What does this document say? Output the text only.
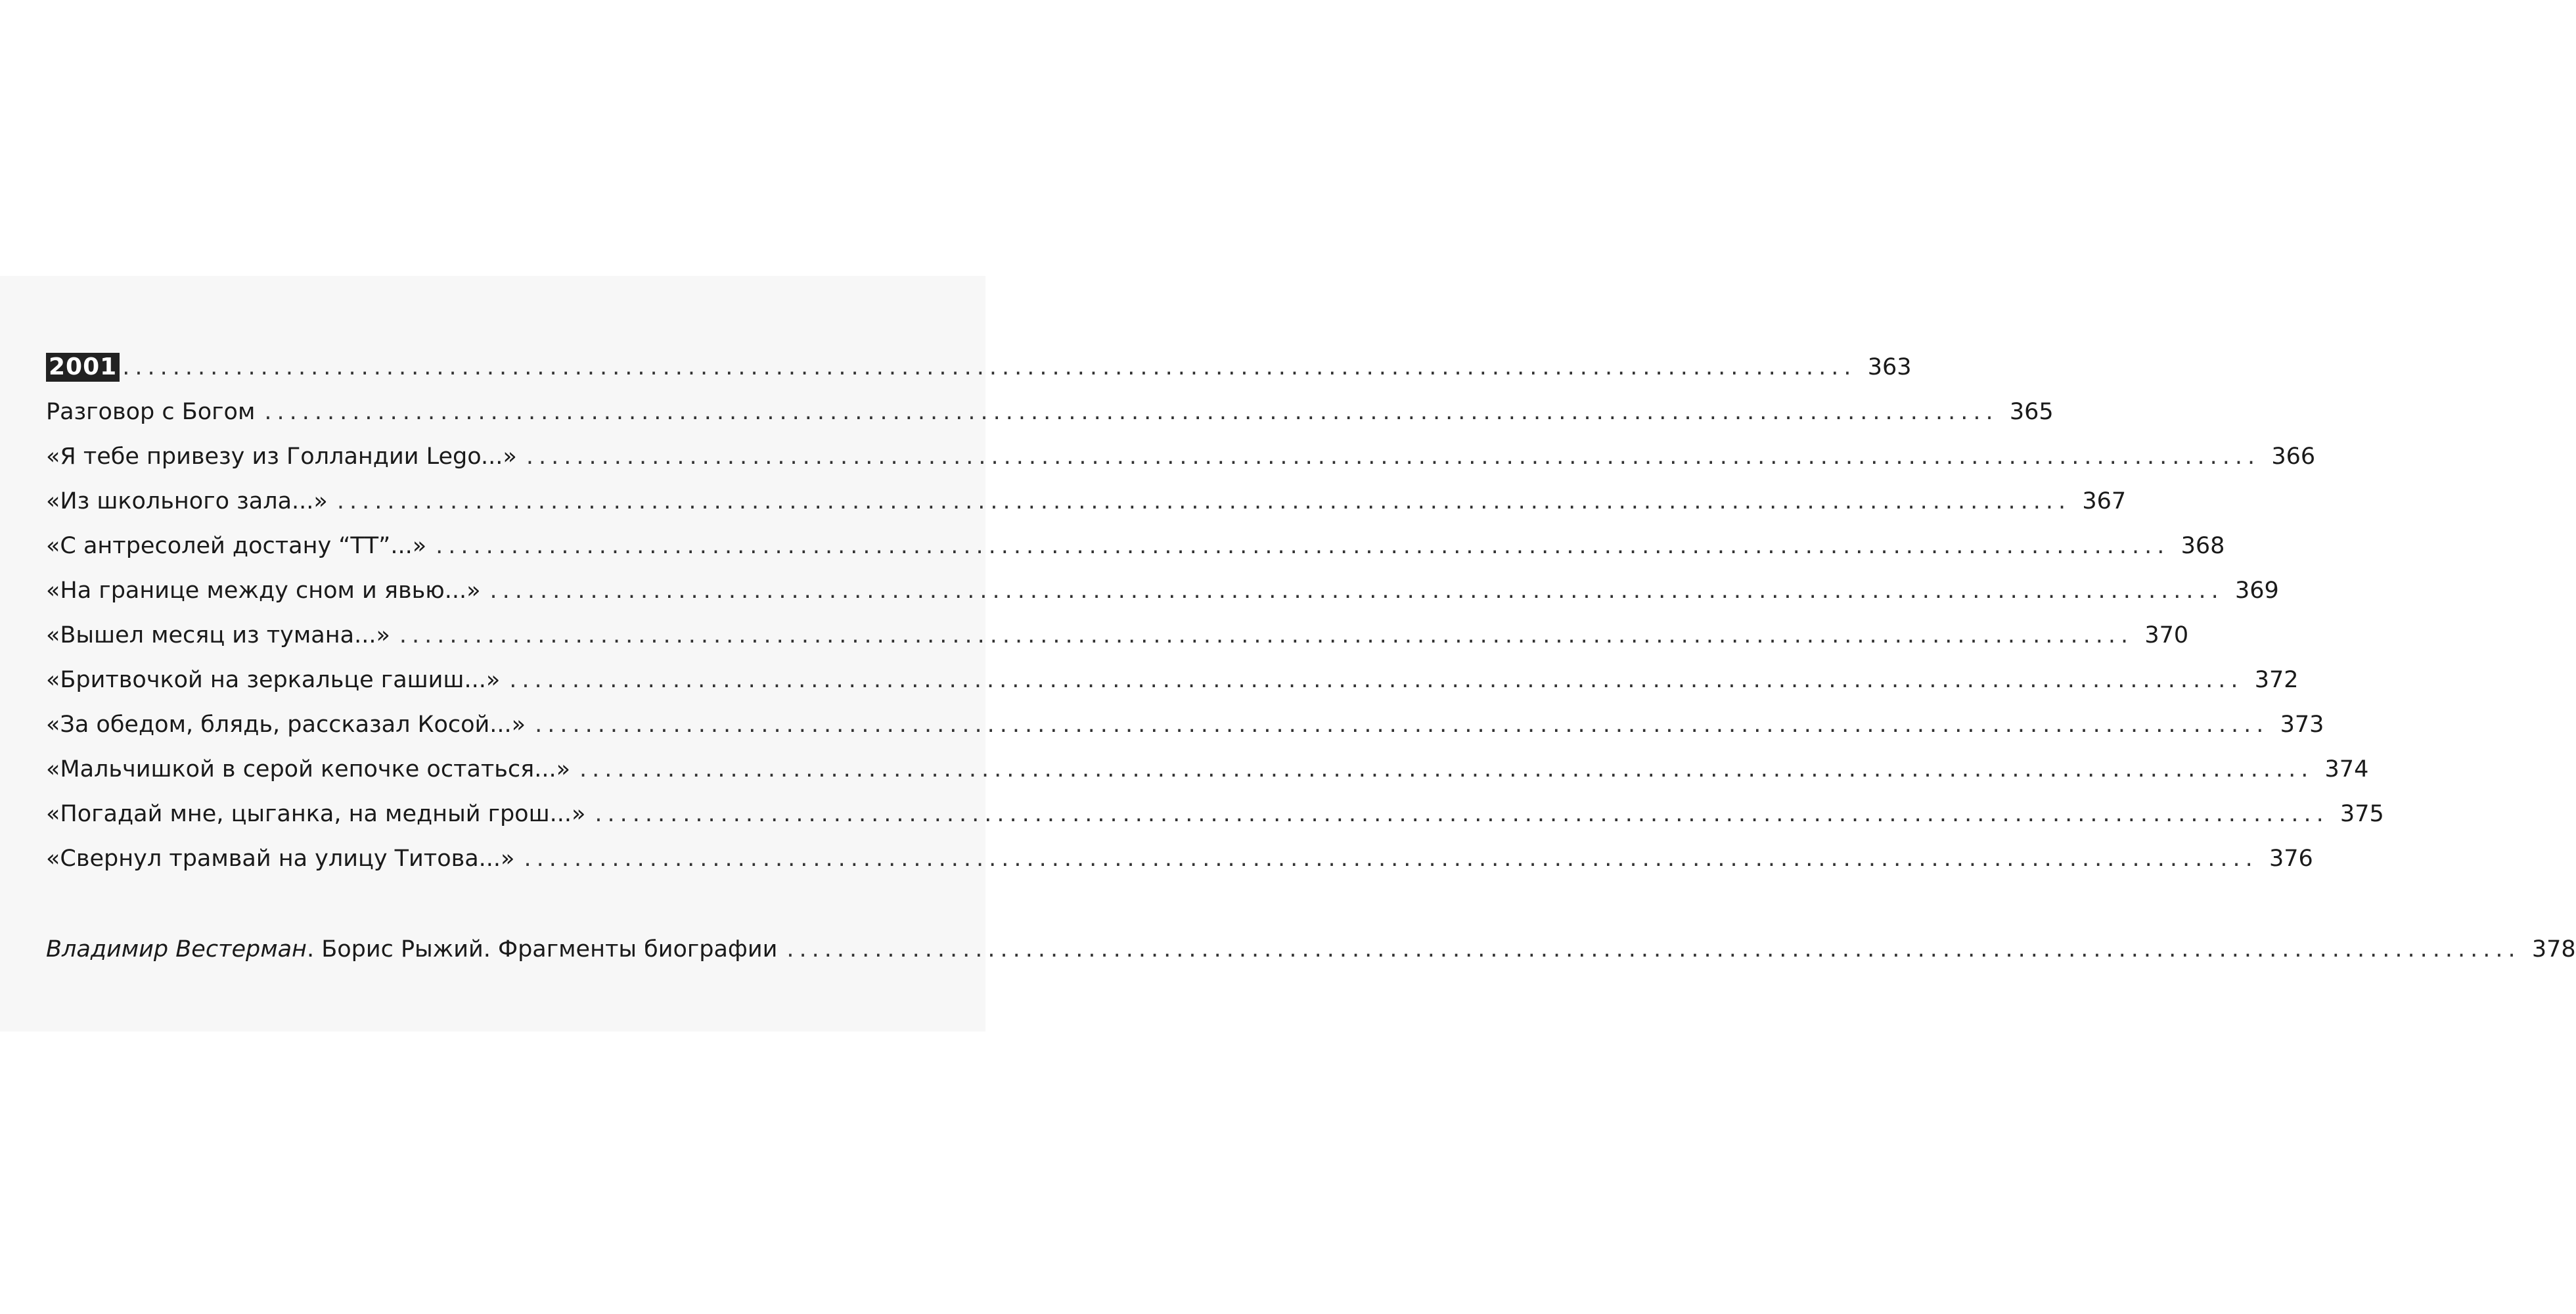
2001 .......................................................................................................................................... 363
Разговор с Богом .......................................................................................................................................... 365
«Я тебе привезу из Голландии Lego...» .......................................................................................................................................... 366
«Из школьного зала...» .......................................................................................................................................... 367
«С антресолей достану “ТТ”...» .......................................................................................................................................... 368
«На границе между сном и явью...» .......................................................................................................................................... 369
«Вышел месяц из тумана...» .......................................................................................................................................... 370
«Бритвочкой на зеркальце гашиш...» .......................................................................................................................................... 372
«За обедом, блядь, рассказал Косой...» .......................................................................................................................................... 373
«Мальчишкой в серой кепочке остаться...» .......................................................................................................................................... 374
«Погадай мне, цыганка, на медный грош...» .......................................................................................................................................... 375
«Свернул трамвай на улицу Титова...» .......................................................................................................................................... 376
Владимир Вестерман. Борис Рыжий. Фрагменты биографии .......................................................................................................................................... 378
